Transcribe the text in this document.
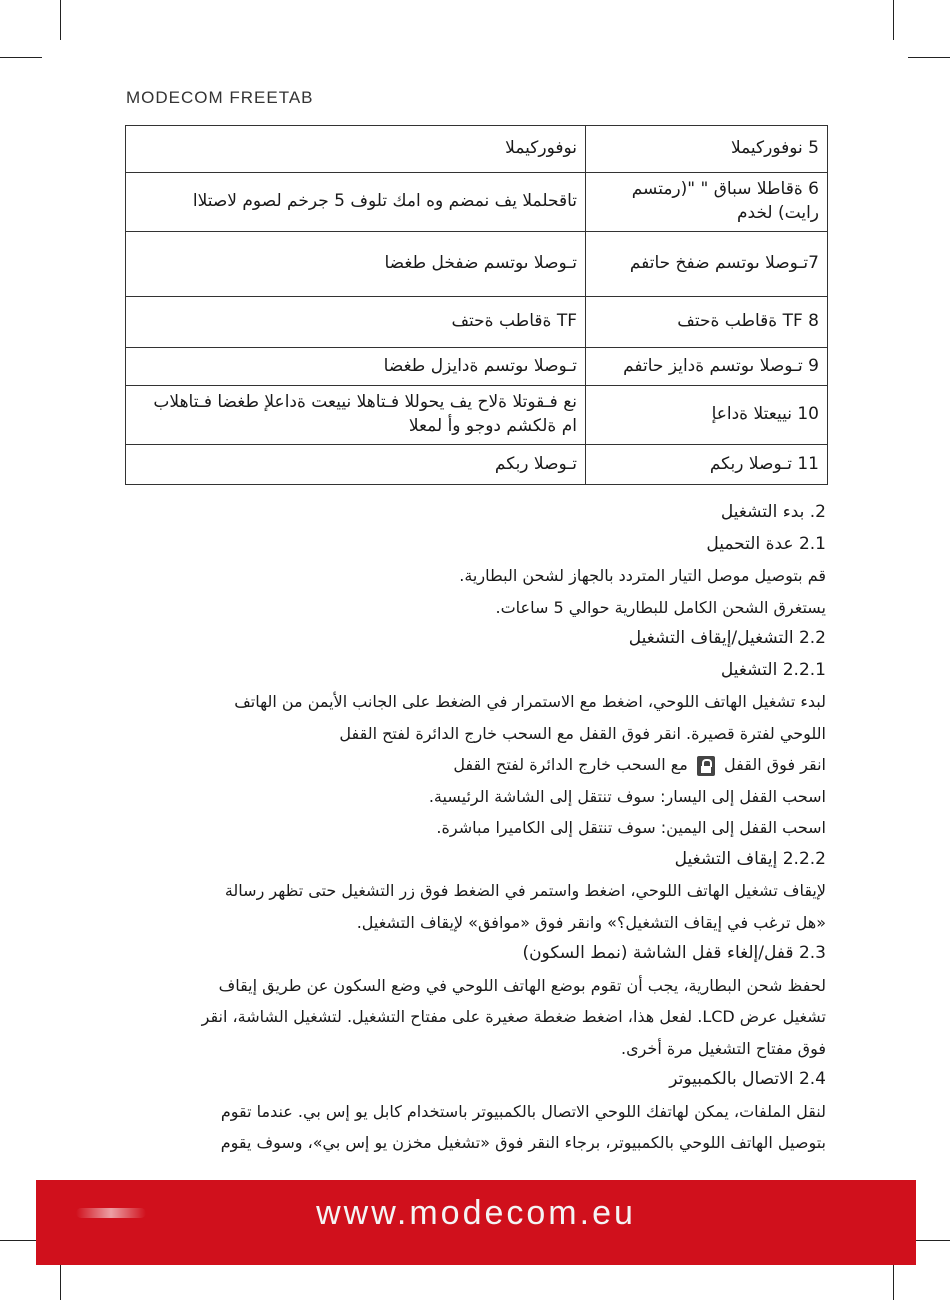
MODECOM FREETAB
5 نوفوركيملا	نوفوركيملا
6 ةقاطلا سباق " "(رمتسم رايت) لخدم	تاقحلملا يف نمضم وه امك تلوف 5 جرخم لصوم لاصتلاا
7تـوصلا ىوتسم ضفخ حاتفم	تـوصلا ىوتسم ضفخل طغضا
TF 8 ةقاطب ةحتف	TF ةقاطب ةحتف
9 تـوصلا ىوتسم ةدايز حاتفم	تـوصلا ىوتسم ةدايزل طغضا
10 نييعتلا ةداعإ	نع فـقوتلا ةلاح يف يحوللا فـتاهلا نييعت ةداعلإ طغضا فـتاهلاب ام ةلكشم دوجو وأ لمعلا
11 تـوصلا ربكم	تـوصلا ربكم

2. بدء التشغيل

2.1 عدة التحميل

قم بتوصيل موصل التيار المتردد بالجهاز لشحن البطارية.

يستغرق الشحن الكامل للبطارية حوالي 5 ساعات.

2.2 التشغيل/إيقاف التشغيل

2.2.1 التشغيل

لبدء تشغيل الهاتف اللوحي، اضغط مع الاستمرار في الضغط على الجانب الأيمن من الهاتف

اللوحي لفترة قصيرة. انقر فوق القفل مع السحب خارج الدائرة لفتح القفل

انقر فوق القفل  مع السحب خارج الدائرة لفتح القفل

اسحب القفل إلى اليسار: سوف تنتقل إلى الشاشة الرئيسية.

اسحب القفل إلى اليمين: سوف تنتقل إلى الكاميرا مباشرة.

2.2.2 إيقاف التشغيل

لإيقاف تشغيل الهاتف اللوحي، اضغط واستمر في الضغط فوق زر التشغيل حتى تظهر رسالة

«هل ترغب في إيقاف التشغيل؟» وانقر فوق «موافق» لإيقاف التشغيل.

2.3 قفل/إلغاء قفل الشاشة (نمط السكون)

لحفظ شحن البطارية، يجب أن تقوم بوضع الهاتف اللوحي في وضع السكون عن طريق إيقاف

تشغيل عرض LCD. لفعل هذا، اضغط ضغطة صغيرة على مفتاح التشغيل. لتشغيل الشاشة، انقر

فوق مفتاح التشغيل مرة أخرى.

2.4 الاتصال بالكمبيوتر

لنقل الملفات، يمكن لهاتفك اللوحي الاتصال بالكمبيوتر باستخدام كابل يو إس بي. عندما تقوم

بتوصيل الهاتف اللوحي بالكمبيوتر، برجاء النقر فوق «تشغيل مخزن يو إس بي»، وسوف يقوم

www.modecom.eu
